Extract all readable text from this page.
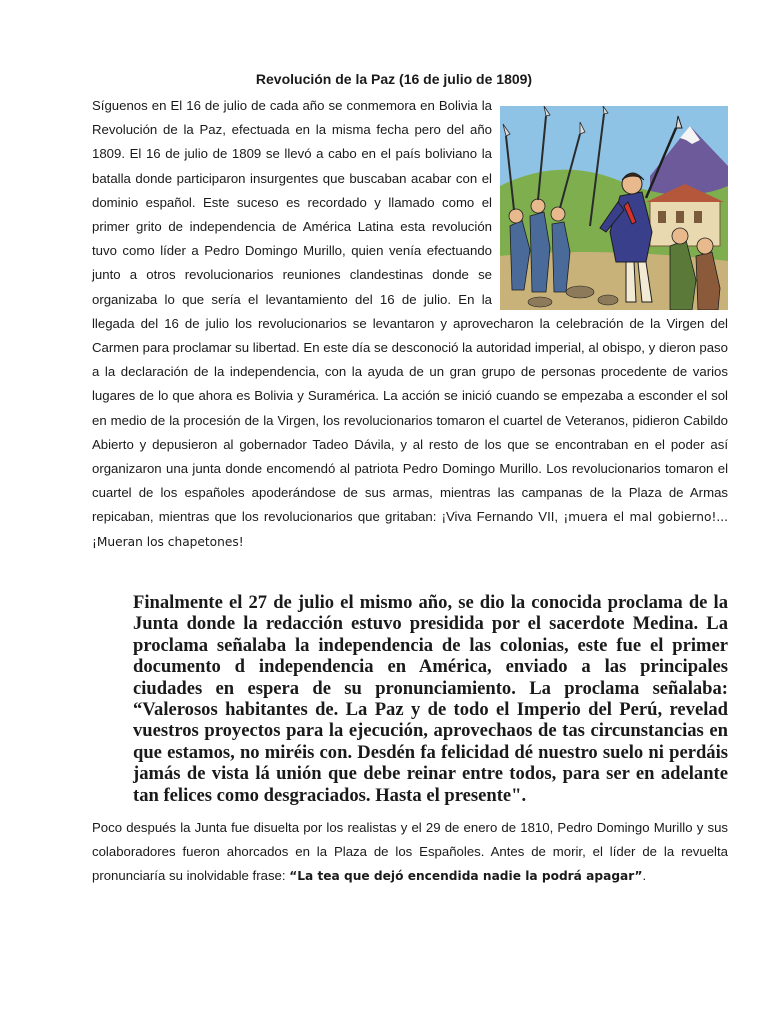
Revolución de la Paz (16 de julio de 1809)

Síguenos en El 16 de julio de cada año se conmemora en Bolivia la Revolución de la Paz, efectuada en la misma fecha pero del año 1809. El 16 de julio de 1809 se llevó a cabo en el país boliviano la batalla donde participaron insurgentes que buscaban acabar con el dominio español. Este suceso es recordado y llamado como el primer grito de independencia de América Latina esta revolución tuvo como líder a Pedro Domingo Murillo, quien venía efectuando junto a otros revolucionarios reuniones clandestinas donde se organizaba lo que sería el levantamiento del 16 de julio. En la llegada del 16 de julio los revolucionarios se levantaron y aprovecharon la celebración de la Virgen del Carmen para proclamar su libertad. En este día se desconoció la autoridad imperial, al obispo, y dieron paso a la declaración de la independencia, con la ayuda de un gran grupo de personas procedente de varios lugares de lo que ahora es Bolivia y Suramérica. La acción se inició cuando se empezaba a esconder el sol en medio de la procesión de la Virgen, los revolucionarios tomaron el cuartel de Veteranos, pidieron Cabildo Abierto y depusieron al gobernador Tadeo Dávila, y al resto de los que se encontraban en el poder así organizaron una junta donde encomendó al patriota Pedro Domingo Murillo. Los revolucionarios tomaron el cuartel de los españoles apoderándose de sus armas, mientras las campanas de la Plaza de Armas repicaban, mientras que los revolucionarios que gritaban: ¡Viva Fernando VII, ¡muera el mal gobierno!... ¡Mueran los chapetones!

Finalmente el 27 de julio el mismo año, se dio la conocida proclama de la Junta donde la redacción estuvo presidida por el sacerdote Medina. La proclama señalaba la independencia de las colonias, este fue el primer documento d independencia en América, enviado a las principales ciudades en espera de su pronunciamiento. La proclama señalaba: “Valerosos habitantes de. La Paz y de todo el Imperio del Perú, revelad vuestros proyectos para la ejecución, aprovechaos de tas circunstancias en que estamos, no miréis con. Desdén fa felicidad dé nuestro suelo ni perdáis jamás de vista lá unión que debe reinar entre todos, para ser en adelante tan felices como desgraciados. Hasta el presente".

Poco después la Junta fue disuelta por los realistas y el 29 de enero de 1810, Pedro Domingo Murillo y sus colaboradores fueron ahorcados en la Plaza de los Españoles. Antes de morir, el líder de la revuelta pronunciaría su inolvidable frase: “La tea que dejó encendida nadie la podrá apagar”.
